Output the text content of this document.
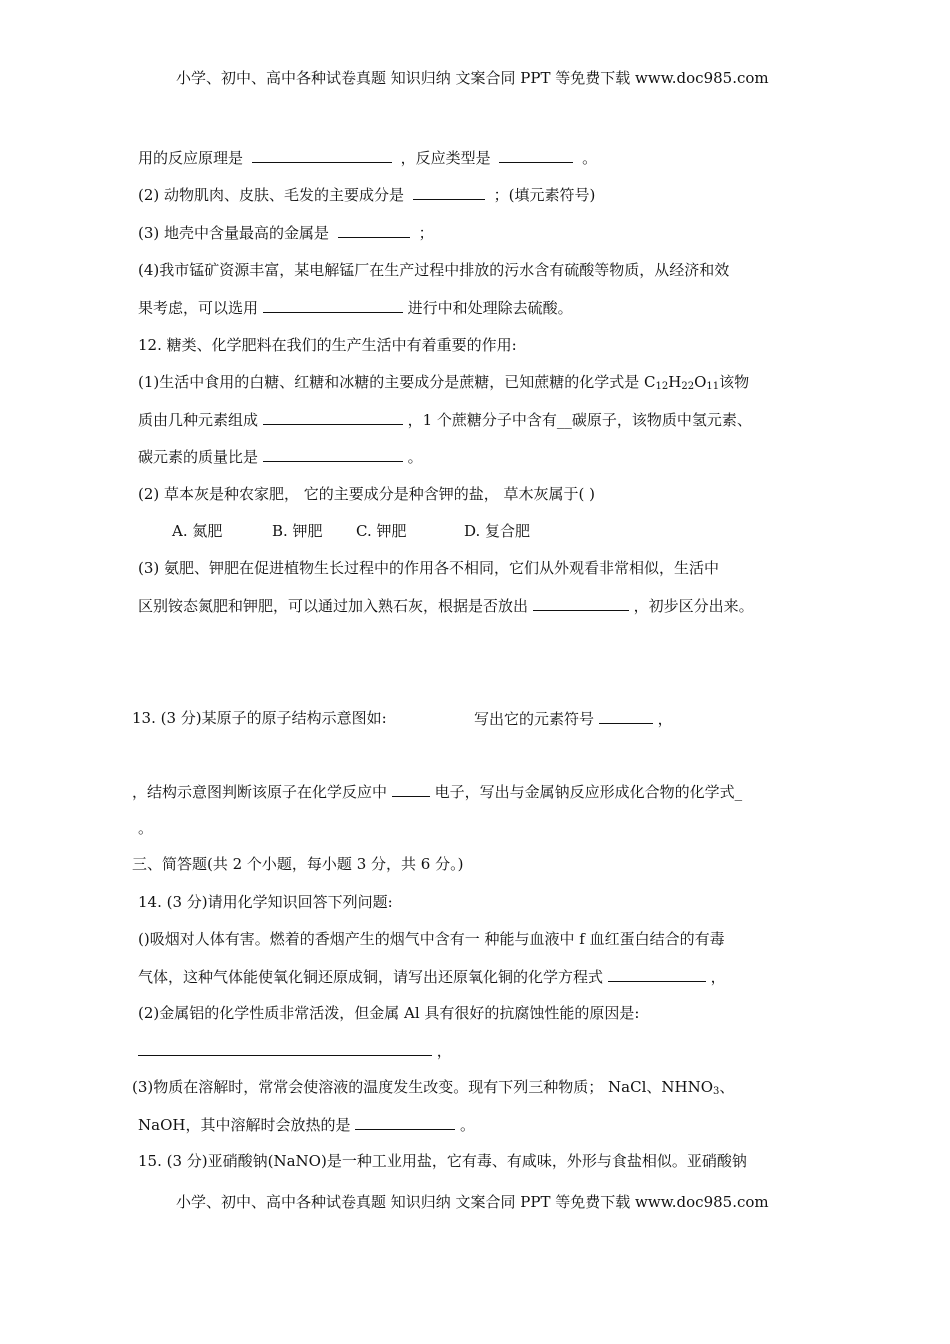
小学、初中、高中各种试卷真题 知识归纳 文案合同 PPT 等免费下载 www.doc985.com
用的反应原理是	，反应类型是	。
(2) 动物肌肉、皮肤、毛发的主要成分是	；(填元素符号)
(3) 地壳中含量最高的金属是	；
(4)我市锰矿资源丰富，某电解锰厂在生产过程中排放的污水含有硫酸等物质，从经济和效
果考虑，可以选用	进行中和处理除去硫酸。
12. 糖类、化学肥料在我们的生产生活中有着重要的作用:
(1)生活中食用的白糖、红糖和冰糖的主要成分是蔗糖，已知蔗糖的化学式是 $C_{12}H_{22}O_{11}$该物
质由几种元素组成	，1 个蔗糖分子中含有__碳原子，该物质中氢元素、
碳元素的质量比是	。
(2) 草本灰是种农家肥， 它的主要成分是种含钾的盐， 草木灰属于( )
A. 氮肥	B. 钾肥 C. 钾肥	D. 复合肥
(3) 氨肥、钾肥在促进植物生长过程中的作用各不相同，它们从外观看非常相似，生活中
区别铵态氮肥和钾肥，可以通过加入熟石灰，根据是否放出	，初步区分出来。
13. (3 分)某原子的原子结构示意图如:	写出它的元素符号	，
，结构示意图判断该原子在化学反应中	电子，写出与金属钠反应形成化合物的化学式_
。
三、简答题(共 2 个小题，每小题 3 分，共 6 分。)
14. (3 分)请用化学知识回答下列问题:
()吸烟对人体有害。燃着的香烟产生的烟气中含有一 种能与血液中 f 血红蛋白结合的有毒
气体，这种气体能使氧化铜还原成铜，请写出还原氧化铜的化学方程式	，
(2)金属铝的化学性质非常活泼，但金属 Al 具有很好的抗腐蚀性能的原因是:
，
(3)物质在溶解时，常常会使溶液的温度发生改变。现有下列三种物质； NaCl、$NHNO_3$、
NaOH，其中溶解时会放热的是	。
15. (3 分)亚硝酸钠(NaNO)是一种工业用盐，它有毒、有咸味，外形与食盐相似。亚硝酸钠
小学、初中、高中各种试卷真题 知识归纳 文案合同 PPT 等免费下载 www.doc985.com
